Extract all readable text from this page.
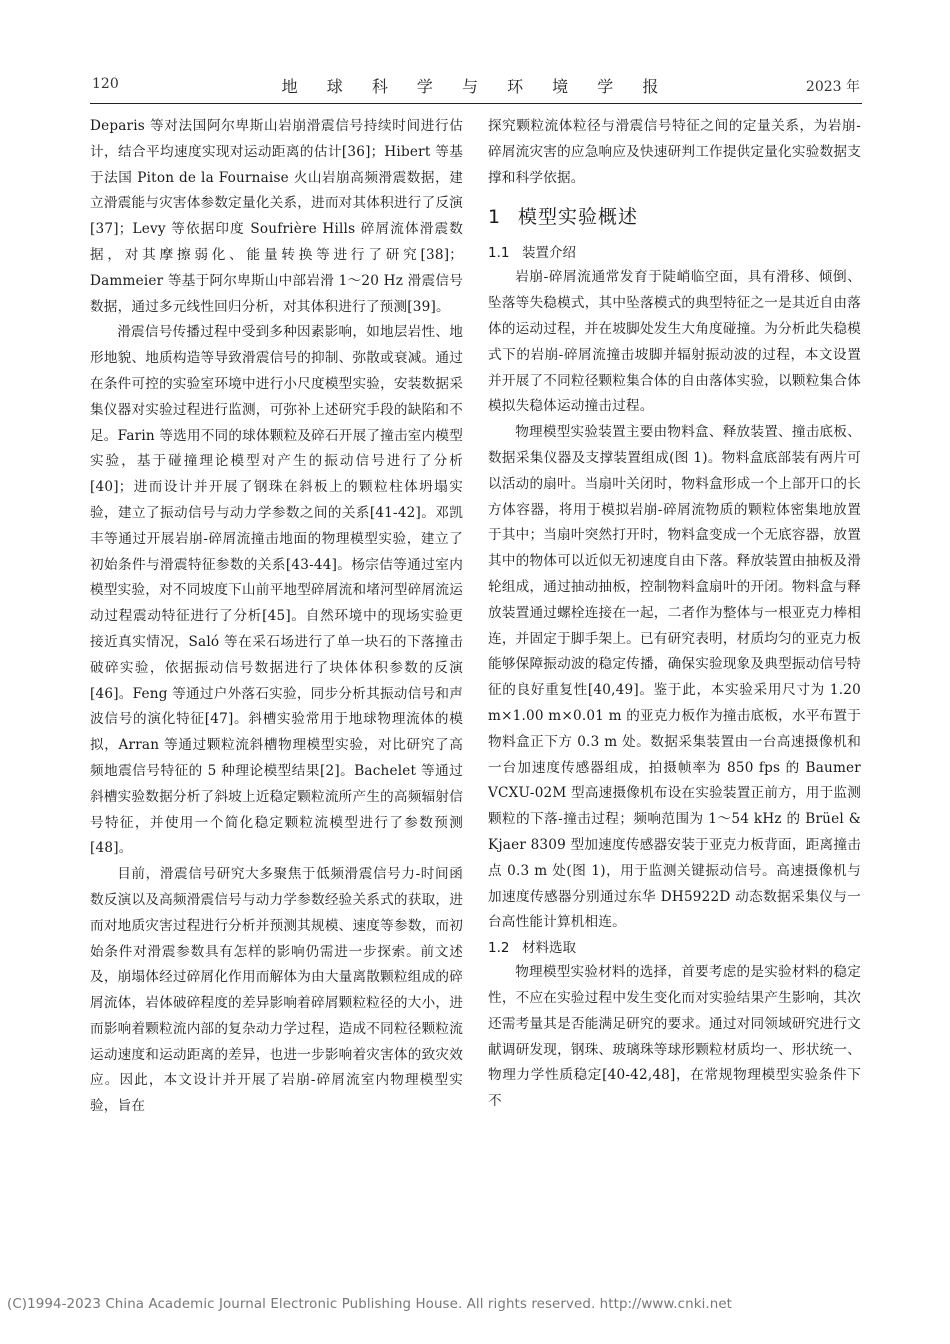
120	地 球 科 学 与 环 境 学 报	2023 年

Deparis 等对法国阿尔卑斯山岩崩滑震信号持续时间进行估计，结合平均速度实现对运动距离的估计[36]；Hibert 等基于法国 Piton de la Fournaise 火山岩崩高频滑震数据，建立滑震能与灾害体参数定量化关系，进而对其体积进行了反演[37]；Levy 等依据印度 Soufrière Hills 碎屑流体滑震数据，对其摩擦弱化、能量转换等进行了研究[38]；Dammeier 等基于阿尔卑斯山中部岩滑 1～20 Hz 滑震信号数据，通过多元线性回归分析，对其体积进行了预测[39]。

滑震信号传播过程中受到多种因素影响，如地层岩性、地形地貌、地质构造等导致滑震信号的抑制、弥散或衰减。通过在条件可控的实验室环境中进行小尺度模型实验，安装数据采集仪器对实验过程进行监测，可弥补上述研究手段的缺陷和不足。Farin 等选用不同的球体颗粒及碎石开展了撞击室内模型实验，基于碰撞理论模型对产生的振动信号进行了分析[40]；进而设计并开展了钢珠在斜板上的颗粒柱体坍塌实验，建立了振动信号与动力学参数之间的关系[41-42]。邓凯丰等通过开展岩崩-碎屑流撞击地面的物理模型实验，建立了初始条件与滑震特征参数的关系[43-44]。杨宗佶等通过室内模型实验，对不同坡度下山前平地型碎屑流和堵河型碎屑流运动过程震动特征进行了分析[45]。自然环境中的现场实验更接近真实情况，Saló 等在采石场进行了单一块石的下落撞击破碎实验，依据振动信号数据进行了块体体积参数的反演[46]。Feng 等通过户外落石实验，同步分析其振动信号和声波信号的演化特征[47]。斜槽实验常用于地球物理流体的模拟，Arran 等通过颗粒流斜槽物理模型实验，对比研究了高频地震信号特征的 5 种理论模型结果[2]。Bachelet 等通过斜槽实验数据分析了斜坡上近稳定颗粒流所产生的高频辐射信号特征，并使用一个简化稳定颗粒流模型进行了参数预测[48]。

目前，滑震信号研究大多聚焦于低频滑震信号力-时间函数反演以及高频滑震信号与动力学参数经验关系式的获取，进而对地质灾害过程进行分析并预测其规模、速度等参数，而初始条件对滑震参数具有怎样的影响仍需进一步探索。前文述及，崩塌体经过碎屑化作用而解体为由大量离散颗粒组成的碎屑流体，岩体破碎程度的差异影响着碎屑颗粒粒径的大小，进而影响着颗粒流内部的复杂动力学过程，造成不同粒径颗粒流运动速度和运动距离的差异，也进一步影响着灾害体的致灾效应。因此，本文设计并开展了岩崩-碎屑流室内物理模型实验，旨在

探究颗粒流体粒径与滑震信号特征之间的定量关系，为岩崩-碎屑流灾害的应急响应及快速研判工作提供定量化实验数据支撑和科学依据。

1 模型实验概述
1.1 装置介绍

岩崩-碎屑流通常发育于陡峭临空面，具有滑移、倾倒、坠落等失稳模式，其中坠落模式的典型特征之一是其近自由落体的运动过程，并在坡脚处发生大角度碰撞。为分析此失稳模式下的岩崩-碎屑流撞击坡脚并辐射振动波的过程，本文设置并开展了不同粒径颗粒集合体的自由落体实验，以颗粒集合体模拟失稳体运动撞击过程。

物理模型实验装置主要由物料盒、释放装置、撞击底板、数据采集仪器及支撑装置组成(图 1)。物料盒底部装有两片可以活动的扇叶。当扇叶关闭时，物料盒形成一个上部开口的长方体容器，将用于模拟岩崩-碎屑流物质的颗粒体密集地放置于其中；当扇叶突然打开时，物料盒变成一个无底容器，放置其中的物体可以近似无初速度自由下落。释放装置由抽板及滑轮组成，通过抽动抽板，控制物料盒扇叶的开闭。物料盒与释放装置通过螺栓连接在一起，二者作为整体与一根亚克力棒相连，并固定于脚手架上。已有研究表明，材质均匀的亚克力板能够保障振动波的稳定传播，确保实验现象及典型振动信号特征的良好重复性[40,49]。鉴于此，本实验采用尺寸为 1.20 m×1.00 m×0.01 m 的亚克力板作为撞击底板，水平布置于物料盒正下方 0.3 m 处。数据采集装置由一台高速摄像机和一台加速度传感器组成，拍摄帧率为 850 fps 的 Baumer VCXU-02M 型高速摄像机布设在实验装置正前方，用于监测颗粒的下落-撞击过程；频响范围为 1～54 kHz 的 Brüel & Kjaer 8309 型加速度传感器安装于亚克力板背面，距离撞击点 0.3 m 处(图 1)，用于监测关键振动信号。高速摄像机与加速度传感器分别通过东华 DH5922D 动态数据采集仪与一台高性能计算机相连。

1.2 材料选取

物理模型实验材料的选择，首要考虑的是实验材料的稳定性，不应在实验过程中发生变化而对实验结果产生影响，其次还需考量其是否能满足研究的要求。通过对同领域研究进行文献调研发现，钢珠、玻璃珠等球形颗粒材质均一、形状统一、物理力学性质稳定[40-42,48]，在常规物理模型实验条件下不

(C)1994-2023 China Academic Journal Electronic Publishing House. All rights reserved. http://www.cnki.net
